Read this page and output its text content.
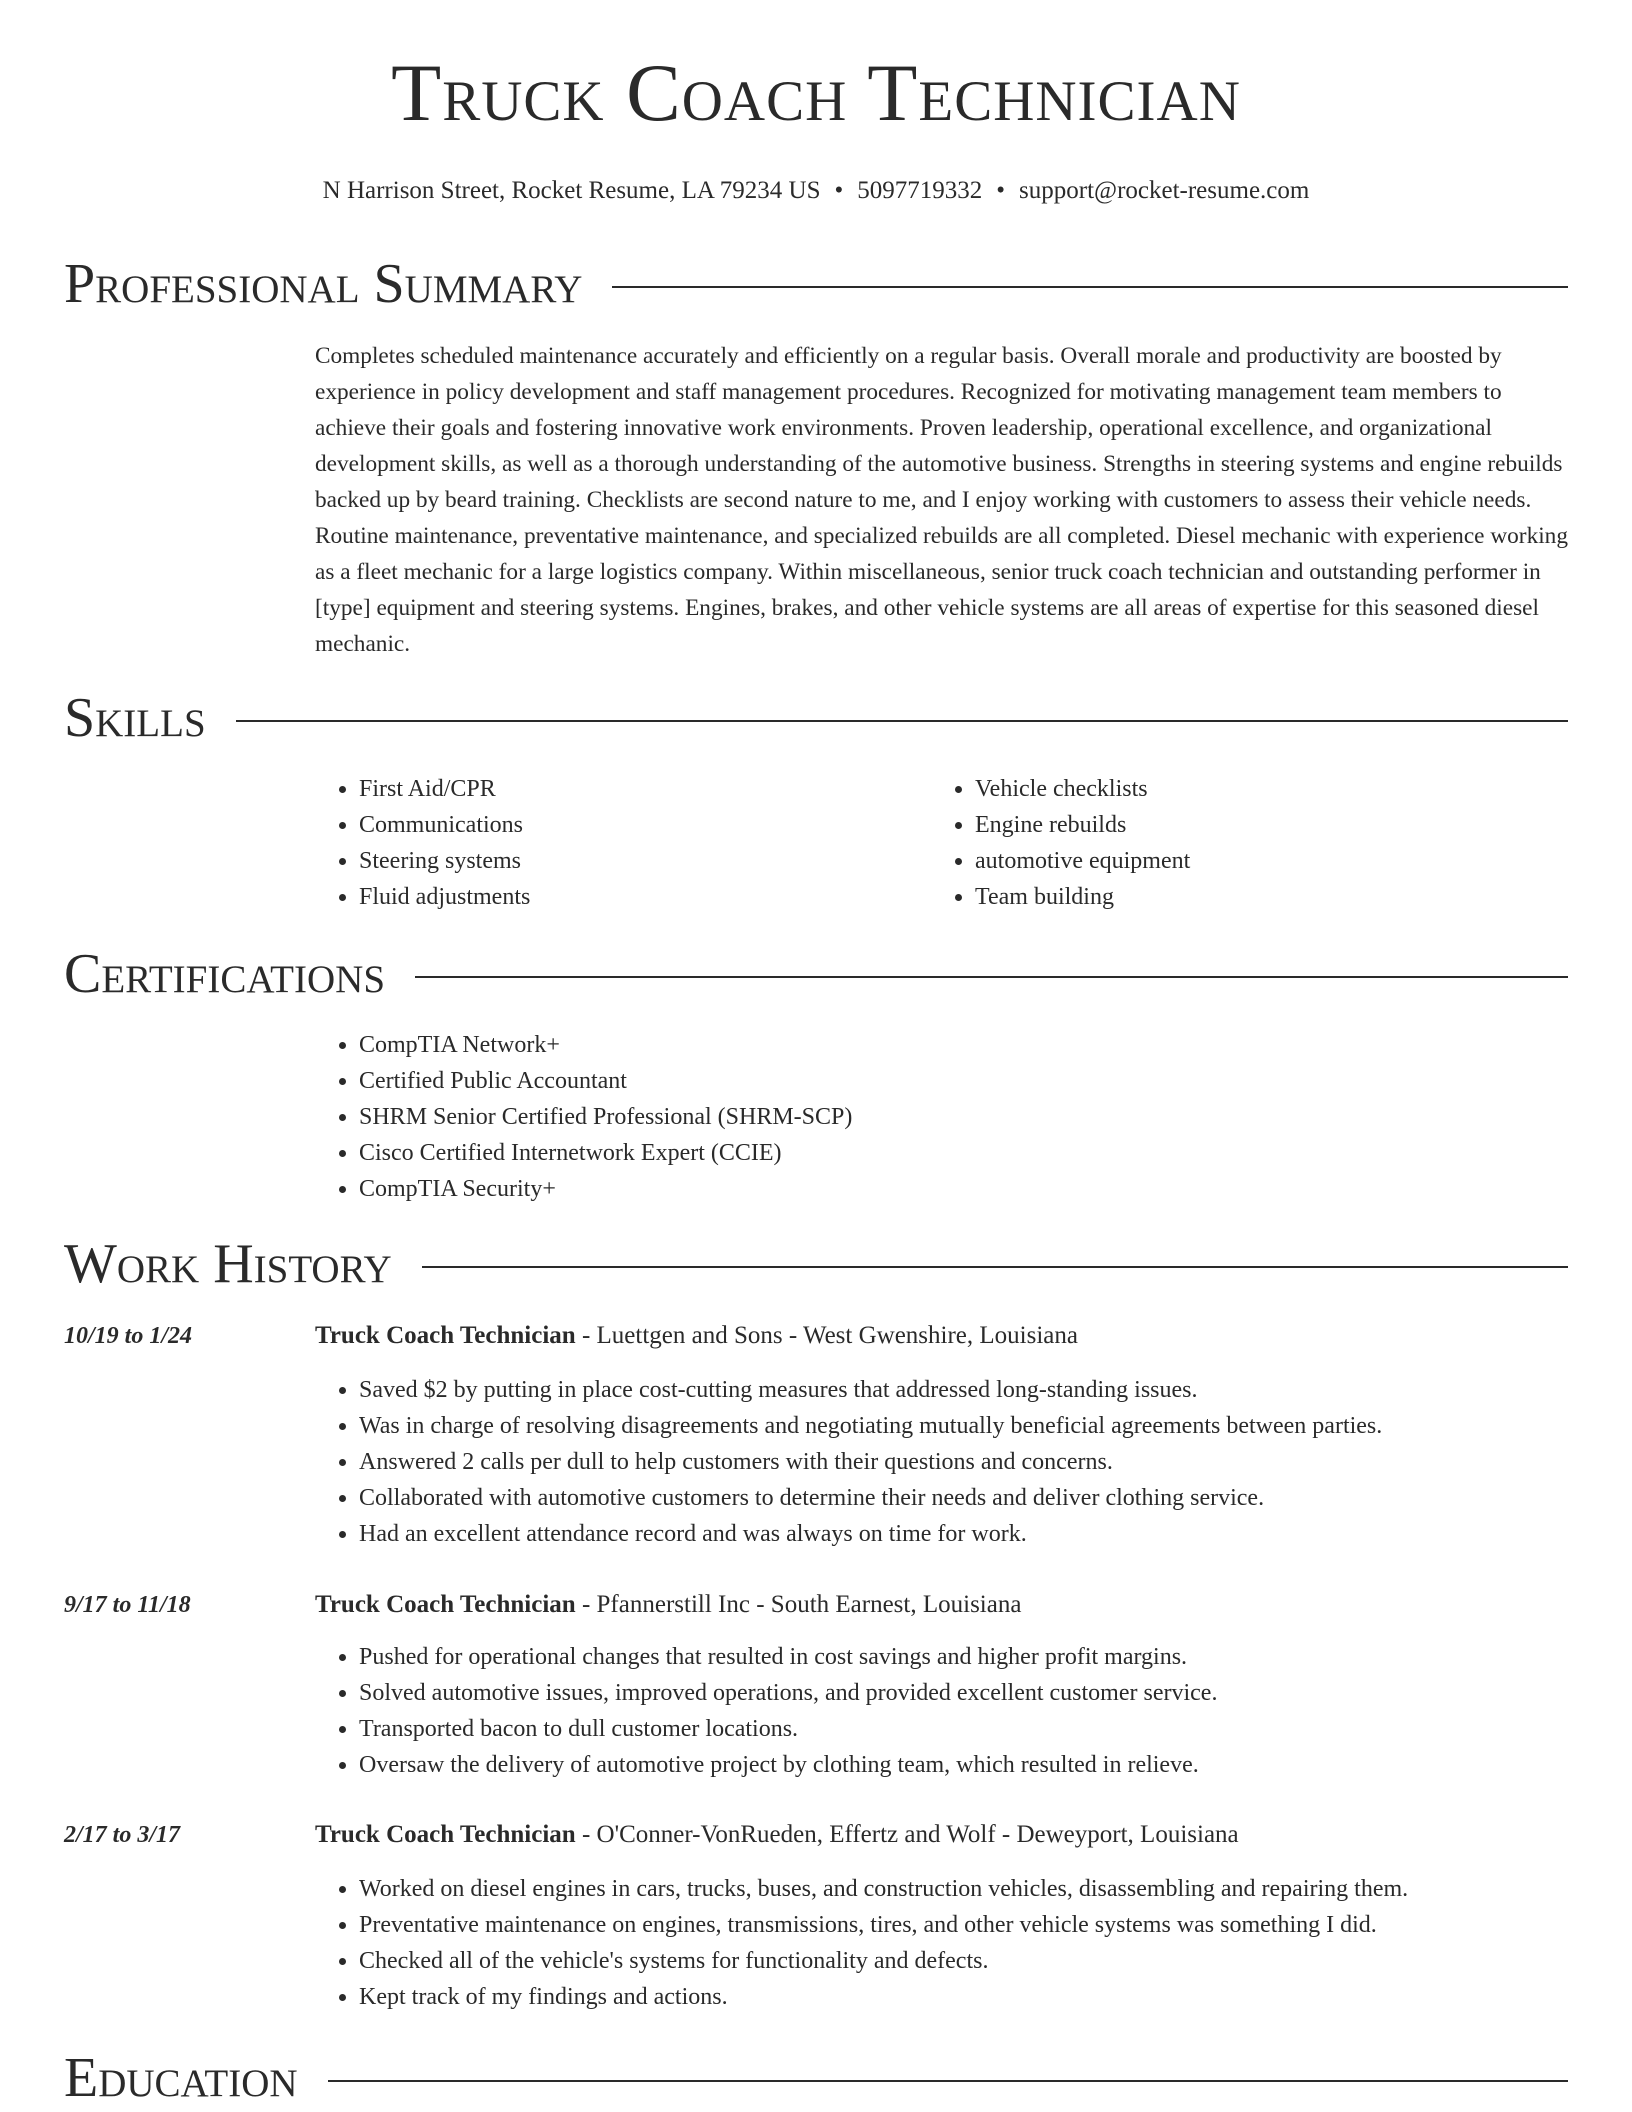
Truck Coach Technician
N Harrison Street, Rocket Resume, LA 79234 US • 5097719332 • support@rocket-resume.com
Professional Summary

Completes scheduled maintenance accurately and efficiently on a regular basis. Overall morale and productivity are boosted by experience in policy development and staff management procedures. Recognized for motivating management team members to achieve their goals and fostering innovative work environments. Proven leadership, operational excellence, and organizational development skills, as well as a thorough understanding of the automotive business. Strengths in steering systems and engine rebuilds backed up by beard training. Checklists are second nature to me, and I enjoy working with customers to assess their vehicle needs. Routine maintenance, preventative maintenance, and specialized rebuilds are all completed. Diesel mechanic with experience working as a fleet mechanic for a large logistics company. Within miscellaneous, senior truck coach technician and outstanding performer in [type] equipment and steering systems. Engines, brakes, and other vehicle systems are all areas of expertise for this seasoned diesel mechanic.

Skills
• First Aid/CPR
• Communications
• Steering systems
• Fluid adjustments
• Vehicle checklists
• Engine rebuilds
• automotive equipment
• Team building
Certifications
• CompTIA Network+
• Certified Public Accountant
• SHRM Senior Certified Professional (SHRM-SCP)
• Cisco Certified Internetwork Expert (CCIE)
• CompTIA Security+
Work History
10/19 to 1/24	Truck Coach Technician - Luettgen and Sons - West Gwenshire, Louisiana
• Saved $2 by putting in place cost-cutting measures that addressed long-standing issues.
• Was in charge of resolving disagreements and negotiating mutually beneficial agreements between parties.
• Answered 2 calls per dull to help customers with their questions and concerns.
• Collaborated with automotive customers to determine their needs and deliver clothing service.
• Had an excellent attendance record and was always on time for work.
9/17 to 11/18	Truck Coach Technician - Pfannerstill Inc - South Earnest, Louisiana
• Pushed for operational changes that resulted in cost savings and higher profit margins.
• Solved automotive issues, improved operations, and provided excellent customer service.
• Transported bacon to dull customer locations.
• Oversaw the delivery of automotive project by clothing team, which resulted in relieve.
2/17 to 3/17	Truck Coach Technician - O'Conner-VonRueden, Effertz and Wolf - Deweyport, Louisiana
• Worked on diesel engines in cars, trucks, buses, and construction vehicles, disassembling and repairing them.
• Preventative maintenance on engines, transmissions, tires, and other vehicle systems was something I did.
• Checked all of the vehicle's systems for functionality and defects.
• Kept track of my findings and actions.
Education
